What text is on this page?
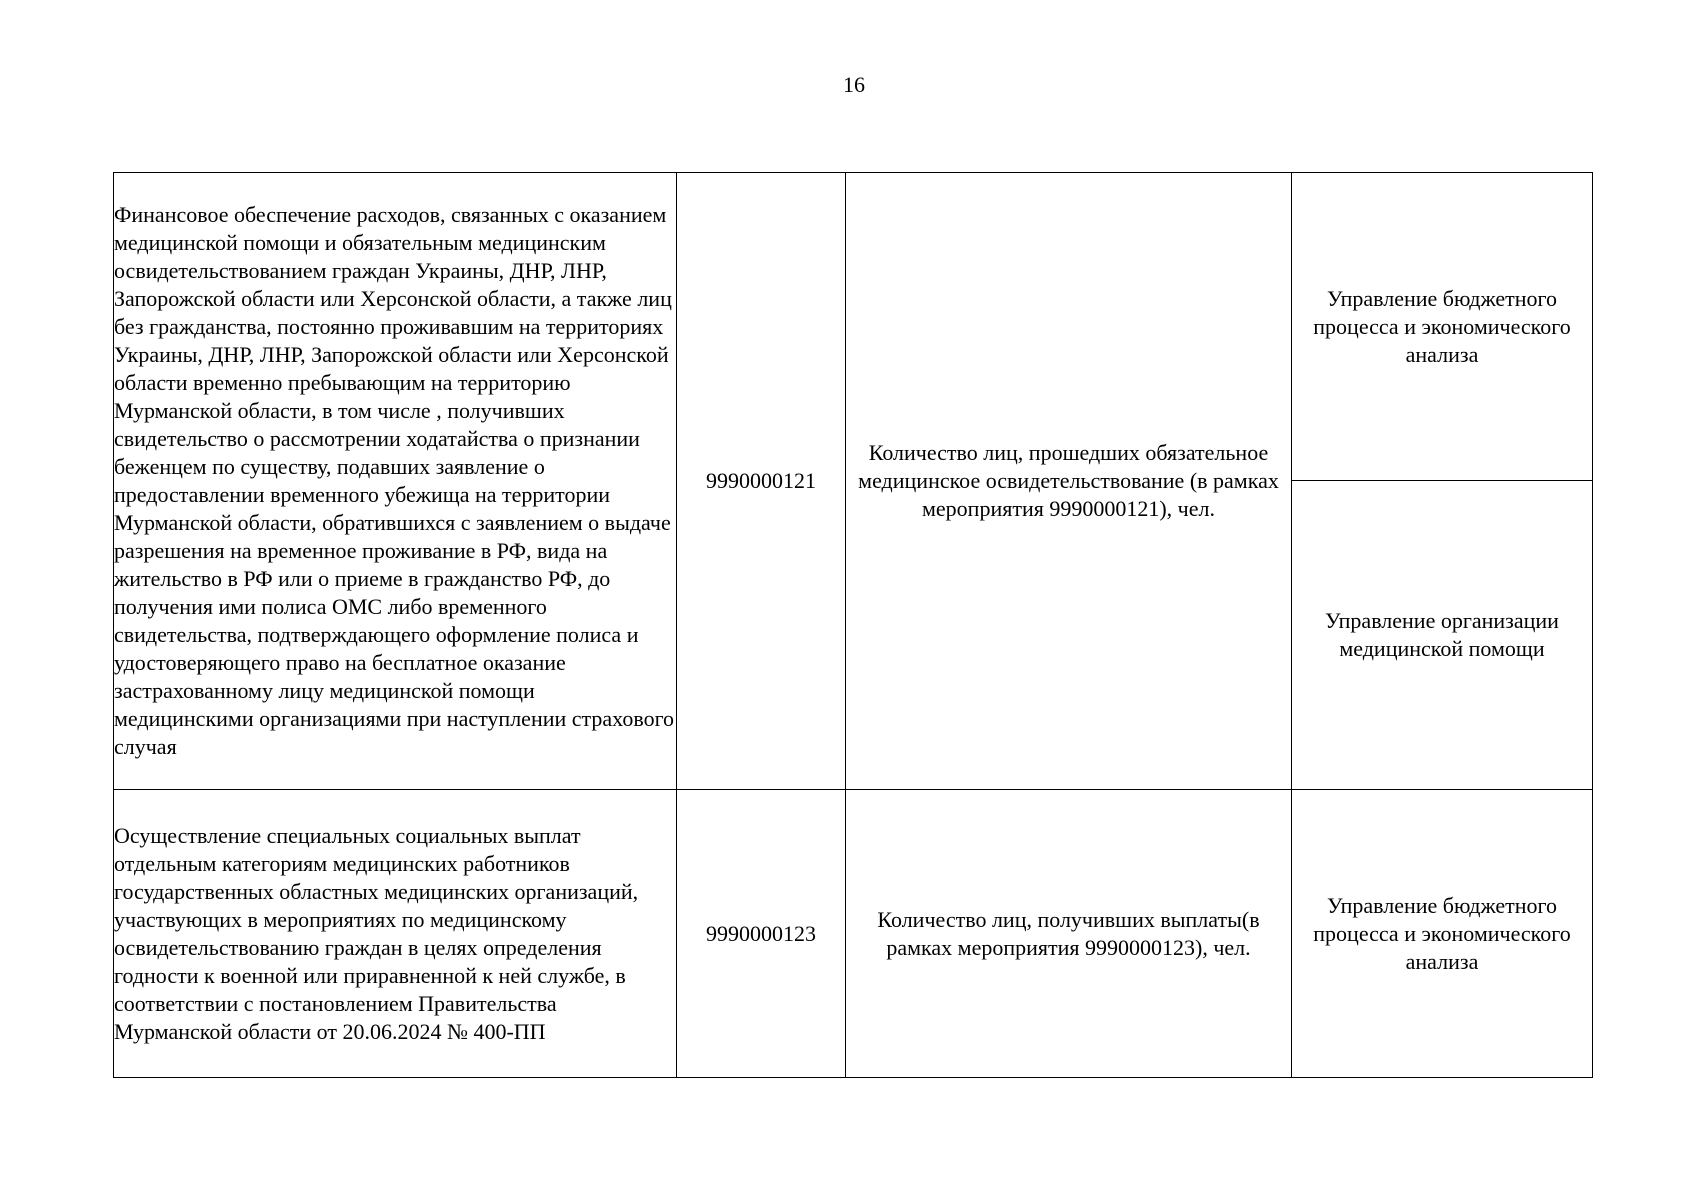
16
Финансовое обеспечение расходов, связанных с оказанием медицинской помощи и обязательным медицинским освидетельствованием граждан Украины, ДНР, ЛНР, Запорожской области или Херсонской области, а также лиц без гражданства, постоянно проживавшим на территориях Украины, ДНР, ЛНР, Запорожской области или Херсонской области временно пребывающим на территорию Мурманской области, в том числе , получивших свидетельство о рассмотрении ходатайства о признании беженцем по существу, подавших заявление о предоставлении временного убежища на территории Мурманской области, обратившихся с заявлением о выдаче разрешения на временное проживание в РФ, вида на жительство в РФ или о приеме в гражданство РФ, до получения ими полиса ОМС либо временного свидетельства, подтверждающего оформление полиса и удостоверяющего право на бесплатное оказание застрахованному лицу медицинской помощи медицинскими организациями при наступлении страхового случая	9990000121	Количество лиц, прошедших обязательное медицинское освидетельствование (в рамках мероприятия 9990000121), чел.	Управление бюджетного процесса и экономического анализа

			Управление организации медицинской помощи

Осуществление специальных социальных выплат отдельным категориям медицинских работников государственных областных медицинских организаций, участвующих в мероприятиях по медицинскому освидетельствованию граждан в целях определения годности к военной или приравненной к ней службе, в соответствии с постановлением Правительства Мурманской области от 20.06.2024 № 400-ПП	9990000123	Количество лиц, получивших выплаты(в рамках мероприятия 9990000123), чел.	Управление бюджетного процесса и экономического анализа
